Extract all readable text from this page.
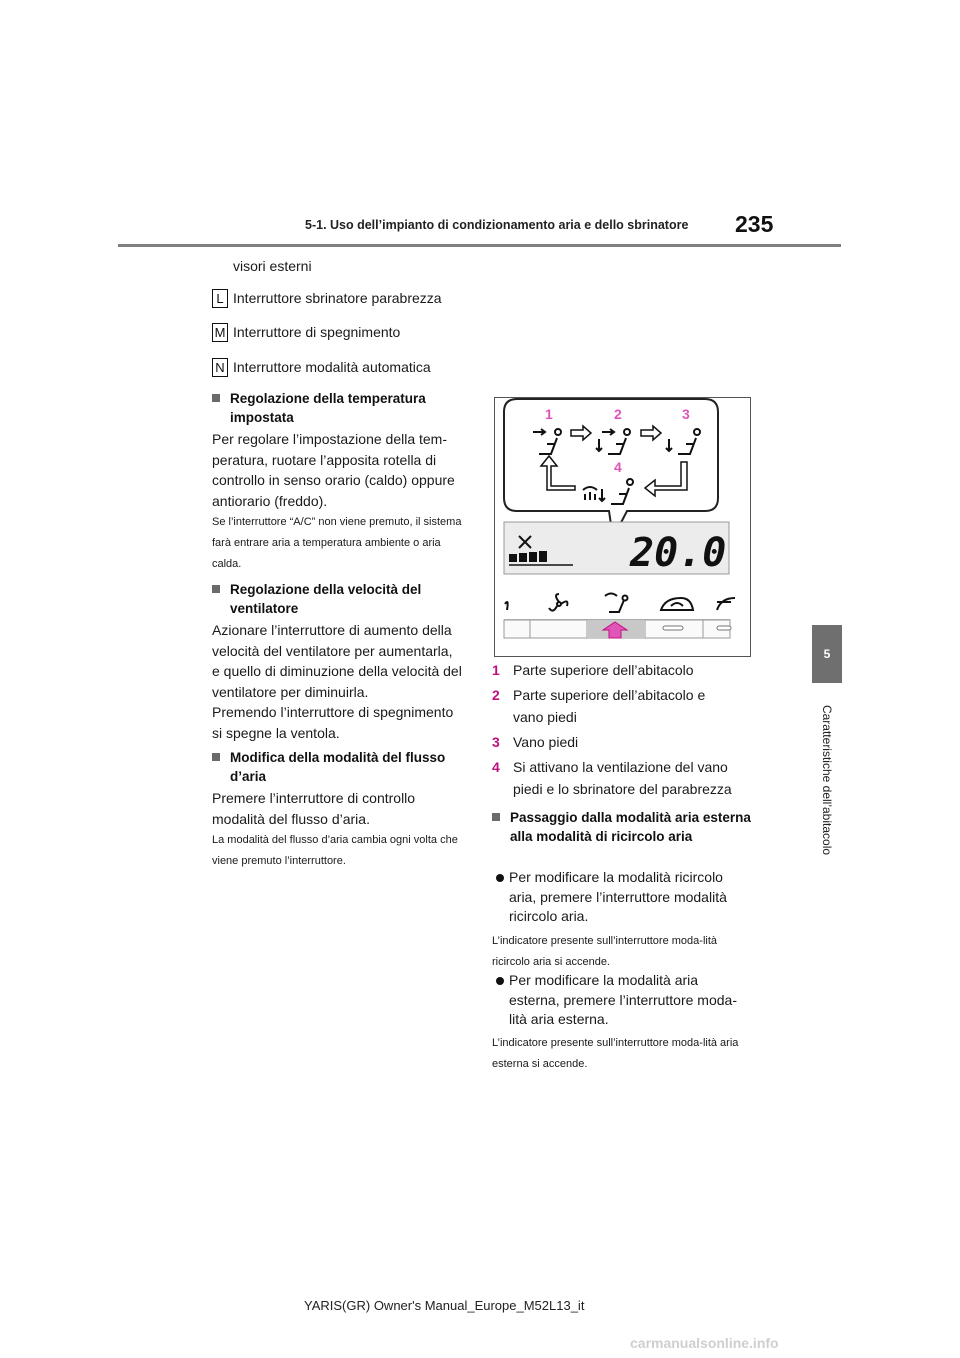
5-1. Uso dell’impianto di condizionamento aria e dello sbrinatore 235
5
Caratteristiche dell’abitacolo
visori esterni
L Interruttore sbrinatore parabrezza
M Interruttore di spegnimento
N Interruttore modalità automatica
Regolazione della temperatura impostata
Per regolare l’impostazione della tem-peratura, ruotare l’apposita rotella di controllo in senso orario (caldo) oppure antiorario (freddo).
Se l’interruttore “A/C” non viene premuto, il sistema farà entrare aria a temperatura ambiente o aria calda.
Regolazione della velocità del ventilatore
Azionare l’interruttore di aumento della velocità del ventilatore per aumentarla, e quello di diminuzione della velocità del ventilatore per diminuirla.
Premendo l’interruttore di spegnimento si spegne la ventola.
Modifica della modalità del flusso d’aria
Premere l’interruttore di controllo modalità del flusso d’aria.
La modalità del flusso d’aria cambia ogni volta che viene premuto l’interruttore.
1	2	3
4
20.0
1 Parte superiore dell’abitacolo
2 Parte superiore dell’abitacolo e vano piedi
3 Vano piedi
4 Si attivano la ventilazione del vano piedi e lo sbrinatore del parabrezza
Passaggio dalla modalità aria esterna alla modalità di ricircolo aria
Per modificare la modalità ricircolo aria, premere l’interruttore modalità ricircolo aria.
L’indicatore presente sull’interruttore moda-lità ricircolo aria si accende.
Per modificare la modalità aria esterna, premere l’interruttore moda-lità aria esterna.
L’indicatore presente sull’interruttore moda-lità aria esterna si accende.
YARIS(GR) Owner's Manual_Europe_M52L13_it
carmanualsonline.info
